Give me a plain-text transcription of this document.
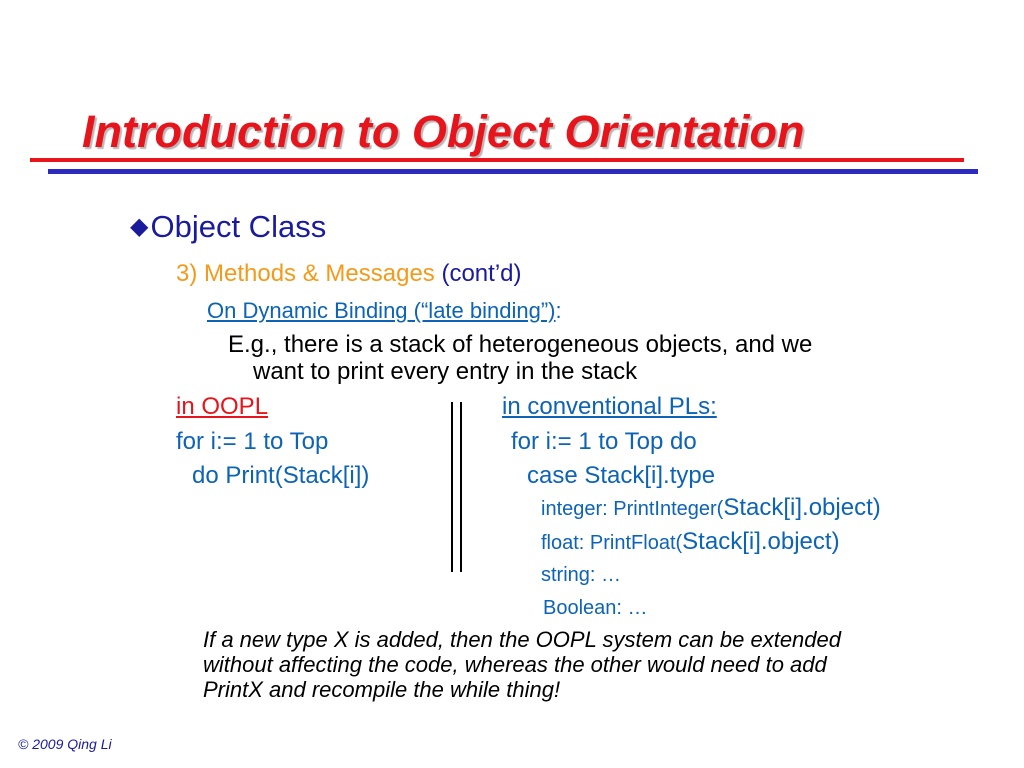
Introduction to Object Orientation
◆Object Class
3) Methods & Messages (cont’d)
On Dynamic Binding (“late binding”):
E.g., there is a stack of heterogeneous objects, and we
want to print every entry in the stack
in OOPL
for i:= 1 to Top
do Print(Stack[i])
in conventional PLs:
for i:= 1 to Top do
case Stack[i].type
integer: PrintInteger(Stack[i].object)
float: PrintFloat(Stack[i].object)
string: …
Boolean: …
If a new type X is added, then the OOPL system can be extended
without affecting the code, whereas the other would need to add
PrintX and recompile the while thing!
© 2009 Qing Li
